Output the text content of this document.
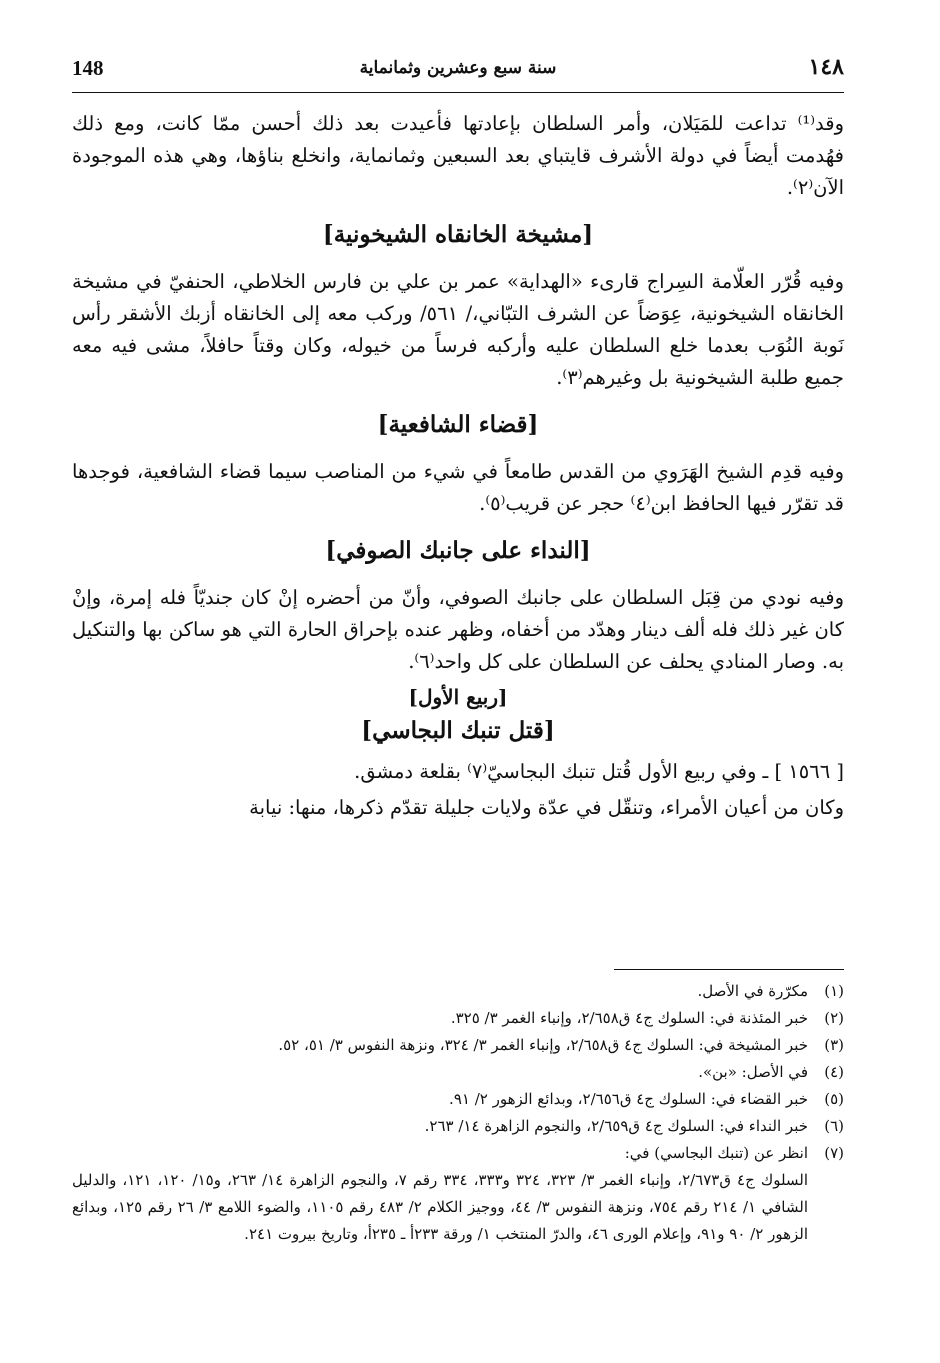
148	سنة سبع وعشرين وثمانماية	١٤٨

وقد⁽¹⁾ تداعت للمَيَلان، وأمر السلطان بإعادتها فأعيدت بعد ذلك أحسن ممّا كانت، ومع ذلك فهُدمت أيضاً في دولة الأشرف قايتباي بعد السبعين وثمانماية، وانخلع بناؤها، وهي هذه الموجودة الآن⁽٢⁾.

[مشيخة الخانقاه الشيخونية]

وفيه قُرّر العلّامة السِراج قارىء «الهداية» عمر بن علي بن فارس الخلاطي، الحنفيّ في مشيخة الخانقاه الشيخونية، عِوَضاً عن الشرف التبّاني،/ ٥٦١/ وركب معه إلى الخانقاه أزبك الأشقر رأس نَوبة النُوَب بعدما خلع السلطان عليه وأركبه فرساً من خيوله، وكان وقتاً حافلاً، مشى فيه معه جميع طلبة الشيخونية بل وغيرهم⁽٣⁾.

[قضاء الشافعية]

وفيه قدِم الشيخ الهَرَوي من القدس طامعاً في شيء من المناصب سيما قضاء الشافعية، فوجدها قد تقرّر فيها الحافظ ابن⁽٤⁾ حجر عن قريب⁽٥⁾.

[النداء على جانبك الصوفي]

وفيه نودي من قِبَل السلطان على جانبك الصوفي، وأنّ من أحضره إنْ كان جنديّاً فله إمرة، وإنْ كان غير ذلك فله ألف دينار وهدّد من أخفاه، وظهر عنده بإحراق الحارة التي هو ساكن بها والتنكيل به. وصار المنادي يحلف عن السلطان على كل واحد⁽٦⁾.

[ربيع الأول]
[قتل تنبك البجاسي]

[ ١٥٦٦ ] ـ وفي ربيع الأول قُتل تنبك البجاسيّ⁽٧⁾ بقلعة دمشق.

وكان من أعيان الأمراء، وتنقّل في عدّة ولايات جليلة تقدّم ذكرها، منها: نيابة

(١)
مكرّرة في الأصل.
(٢)
خبر المئذنة في: السلوك ج٤ ق٢/٦٥٨، وإنباء الغمر ٣/ ٣٢٥.
(٣)
خبر المشيخة في: السلوك ج٤ ق٢/٦٥٨، وإنباء الغمر ٣/ ٣٢٤، ونزهة النفوس ٣/ ٥١، ٥٢.
(٤)
في الأصل: «بن».
(٥)
خبر القضاء في: السلوك ج٤ ق٢/٦٥٦، وبدائع الزهور ٢/ ٩١.
(٦)
خبر النداء في: السلوك ج٤ ق٢/٦٥٩، والنجوم الزاهرة ١٤/ ٢٦٣.
(٧)
انظر عن (تنبك البجاسي) في:
السلوك ج٤ ق٢/٦٧٣، وإنباء الغمر ٣/ ٣٢٣، ٣٢٤ و٣٣٣، ٣٣٤ رقم ٧، والنجوم الزاهرة ١٤/ ٢٦٣، و١٥/ ١٢٠، ١٢١، والدليل الشافي ١/ ٢١٤ رقم ٧٥٤، ونزهة النفوس ٣/ ٤٤، ووجيز الكلام ٢/ ٤٨٣ رقم ١١٠٥، والضوء اللامع ٣/ ٢٦ رقم ١٢٥، وبدائع الزهور ٢/ ٩٠ و٩١، وإعلام الورى ٤٦، والدرّ المنتخب ١/ ورقة ٢٣٣أ ـ ٢٣٥أ، وتاريخ بيروت ٢٤١.
